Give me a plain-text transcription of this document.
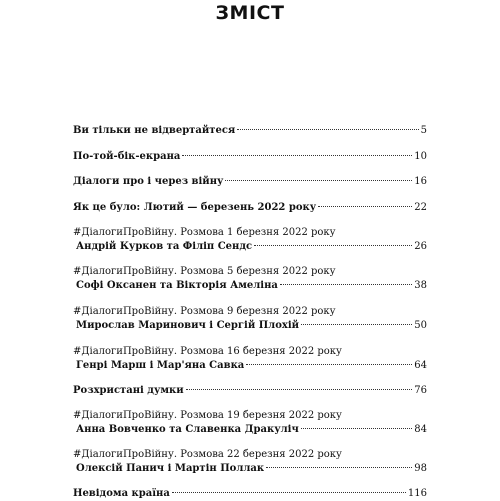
ЗМІСТ
Ви тільки не відвертайтеся	5
По-той-бік-екрана	10
Діалоги про і через війну	16
Як це було: Лютий — березень 2022 року	22
#ДіалогиПроВійну. Розмова 1 березня 2022 року
Андрій Курков та Філіп Сендс	26
#ДіалогиПроВійну. Розмова 5 березня 2022 року
Софі Оксанен та Вікторія Амеліна	38
#ДіалогиПроВійну. Розмова 9 березня 2022 року
Мирослав Маринович і Сергій Плохій	50
#ДіалогиПроВійну. Розмова 16 березня 2022 року
Генрі Марш і Мар'яна Савка	64
Розхристані думки	76
#ДіалогиПроВійну. Розмова 19 березня 2022 року
Анна Вовченко та Славенка Дракуліч	84
#ДіалогиПроВійну. Розмова 22 березня 2022 року
Олексій Панич і Мартін Поллак	98
Невідома країна	116
